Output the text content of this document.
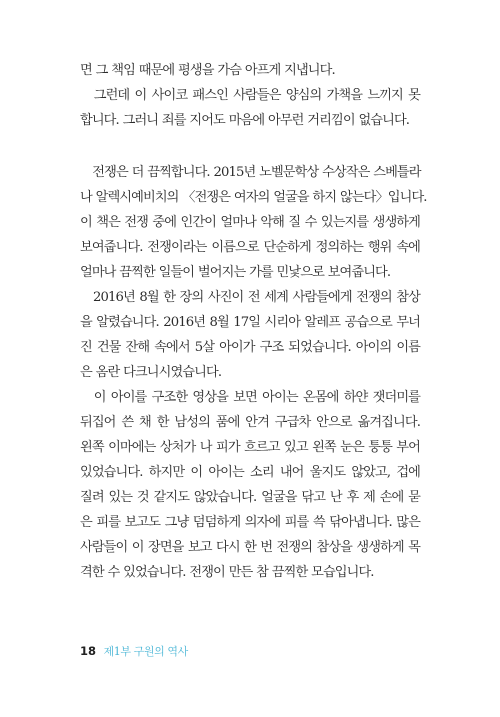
면 그 책임 때문에 평생을 가슴 아프게 지냅니다.

　그런데 이 사이코 패스인 사람들은 양심의 가책을 느끼지 못
합니다. 그러니 죄를 지어도 마음에 아무런 거리낌이 없습니다.

　전쟁은 더 끔찍합니다. 2015년 노벨문학상 수상작은 스베틀라
나 알렉시예비치의 〈전쟁은 여자의 얼굴을 하지 않는다〉입니다.
이 책은 전쟁 중에 인간이 얼마나 악해 질 수 있는지를 생생하게
보여줍니다. 전쟁이라는 이름으로 단순하게 정의하는 행위 속에
얼마나 끔찍한 일들이 벌어지는 가를 민낯으로 보여줍니다.

　2016년 8월 한 장의 사진이 전 세계 사람들에게 전쟁의 참상
을 알렸습니다. 2016년 8월 17일 시리아 알레프 공습으로 무너
진 건물 잔해 속에서 5살 아이가 구조 되었습니다. 아이의 이름
은 옴란 다크니시였습니다.

　이 아이를 구조한 영상을 보면 아이는 온몸에 하얀 잿더미를
뒤집어 쓴 채 한 남성의 품에 안겨 구급차 안으로 옮겨집니다.
왼쪽 이마에는 상처가 나 피가 흐르고 있고 왼쪽 눈은 퉁퉁 부어
있었습니다. 하지만 이 아이는 소리 내어 울지도 않았고, 겁에
질려 있는 것 같지도 않았습니다. 얼굴을 닦고 난 후 제 손에 묻
은 피를 보고도 그냥 덤덤하게 의자에 피를 쓱 닦아냅니다. 많은
사람들이 이 장면을 보고 다시 한 번 전쟁의 참상을 생생하게 목
격한 수 있었습니다. 전쟁이 만든 참 끔찍한 모습입니다.

18 제1부 구원의 역사
